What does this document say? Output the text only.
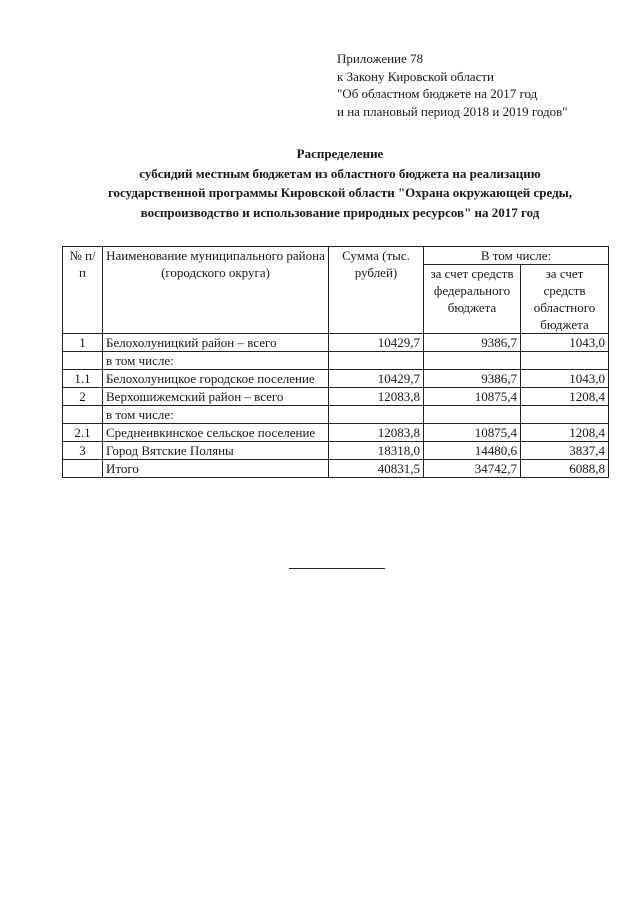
Приложение 78
к Закону Кировской области
"Об областном бюджете на 2017 год
и на плановый период 2018 и 2019 годов"
Распределение
субсидий местным бюджетам из областного бюджета на реализацию
государственной программы Кировской области "Охрана окружающей среды,
воспроизводство и использование природных ресурсов" на 2017 год
№ п/п	Наименование муниципального района (городского округа)	Сумма (тыс. рублей)	В том числе:	
			за счет средств федерального бюджета	за счет средств областного бюджета
1	Белохолуницкий район – всего	10429,7	9386,7	1043,0
	в том числе:			
1.1	Белохолуницкое городское поселение	10429,7	9386,7	1043,0
2	Верхошижемский район – всего	12083,8	10875,4	1208,4
	в том числе:			
2.1	Среднеивкинское сельское поселение	12083,8	10875,4	1208,4
3	Город Вятские Поляны	18318,0	14480,6	3837,4
	Итого	40831,5	34742,7	6088,8
